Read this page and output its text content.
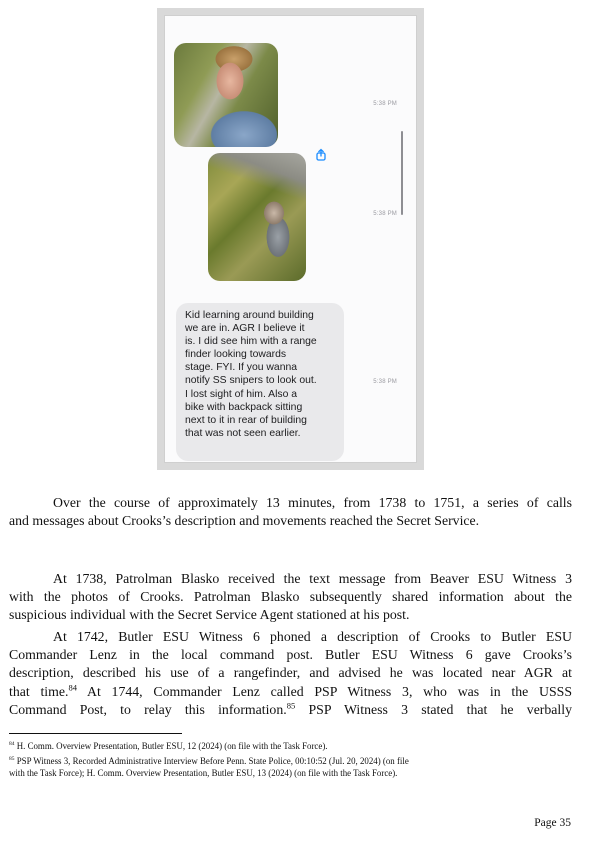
5:38 PM
5:38 PM
5:38 PM
Kid learning around building
we are in. AGR I believe it
is. I did see him with a range
finder looking towards
stage. FYI. If you wanna
notify SS snipers to look out.
I lost sight of him. Also a
bike with backpack sitting
next to it in rear of building
that was not seen earlier.
Over the course of approximately 13 minutes, from 1738 to 1751, a series of calls
and messages about Crooks’s description and movements reached the Secret Service.
At 1738, Patrolman Blasko received the text message from Beaver ESU Witness 3
with the photos of Crooks. Patrolman Blasko subsequently shared information about the
suspicious individual with the Secret Service Agent stationed at his post.
At 1742, Butler ESU Witness 6 phoned a description of Crooks to Butler ESU
Commander Lenz in the local command post. Butler ESU Witness 6 gave Crooks’s
description, described his use of a rangefinder, and advised he was located near AGR at
that time.$^{84}$ At 1744, Commander Lenz called PSP Witness 3, who was in the USSS
Command Post, to relay this information.$^{85}$ PSP Witness 3 stated that he verbally
$^{84}$ H. Comm. Overview Presentation, Butler ESU, 12 (2024) (on file with the Task Force).
$^{85}$ PSP Witness 3, Recorded Administrative Interview Before Penn. State Police, 00:10:52 (Jul. 20, 2024) (on file
with the Task Force); H. Comm. Overview Presentation, Butler ESU, 13 (2024) (on file with the Task Force).
Page 35
